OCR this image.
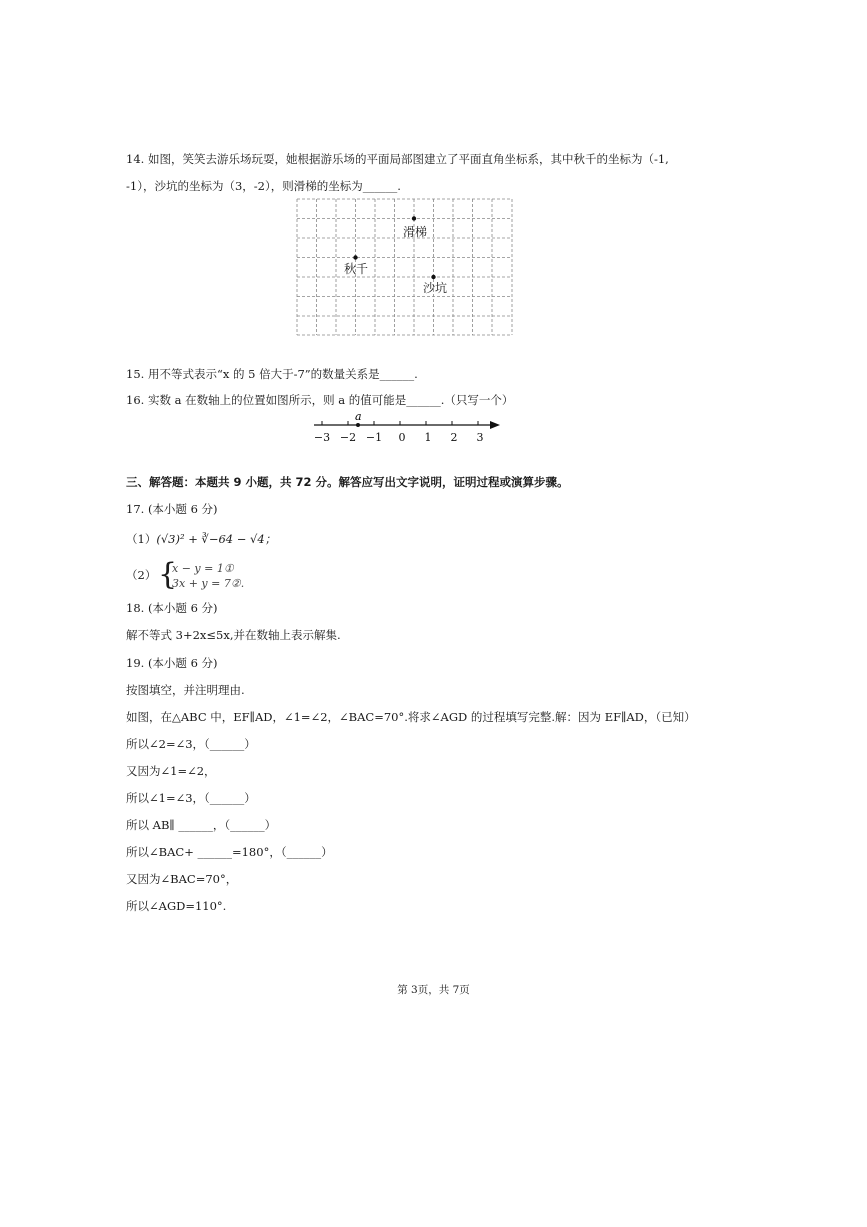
14. 如图，笑笑去游乐场玩耍，她根据游乐场的平面局部图建立了平面直角坐标系，其中秋千的坐标为（-1,
-1），沙坑的坐标为（3，-2），则滑梯的坐标为______.
滑梯
秋千
沙坑
15. 用不等式表示“x 的 5 倍大于-7”的数量关系是______.
16. 实数 a 在数轴上的位置如图所示，则 a 的值可能是______.（只写一个）
a
−3 −2 −1 0 1 2 3
三、解答题：本题共 9 小题，共 72 分。解答应写出文字说明，证明过程或演算步骤。
17. (本小题 6 分)
（1）(√3)² + ∛−64 − √4；
（2） {
x − y = 1①
3x + y = 7②.
18. (本小题 6 分)
解不等式 3+2x≤5x,并在数轴上表示解集.
19. (本小题 6 分)
按图填空，并注明理由.
如图，在△ABC 中，EF∥AD，∠1=∠2，∠BAC=70°.将求∠AGD 的过程填写完整.解：因为 EF∥AD，（已知）
所以∠2=∠3，（______）
又因为∠1=∠2，
所以∠1=∠3，（______）
所以 AB∥ ______，（______）
所以∠BAC+ ______=180°，（______）
又因为∠BAC=70°，
所以∠AGD=110°.
第 3页，共 7页
